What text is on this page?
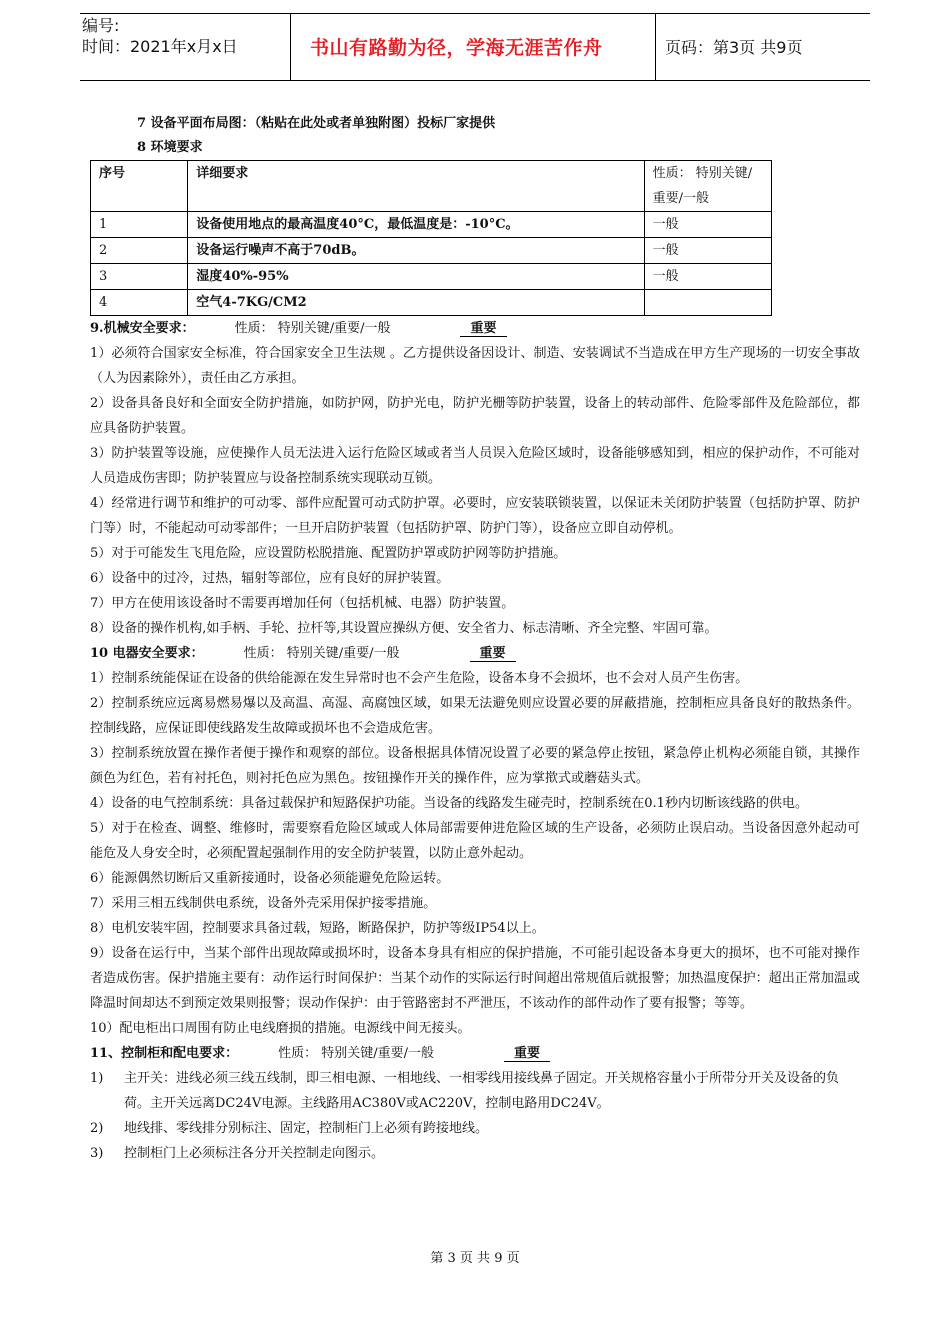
编号:
时间：2021年x月x日	书山有路勤为径，学海无涯苦作舟	页码：第3页 共9页
7 设备平面布局图：（粘贴在此处或者单独附图）投标厂家提供
8 环境要求
序号	详细要求	性质： 特别关键/重要/一般
1	设备使用地点的最高温度40°C，最低温度是：-10°C。	一般
2	设备运行噪声不高于70dB。	一般
3	湿度40%-95%	一般
4	空气4-7KG/CM2	
9.机械安全要求：	性质： 特别关键/重要/一般	重要
1）必须符合国家安全标准，符合国家安全卫生法规 。乙方提供设备因设计、制造、安装调试不当造成在甲方生产现场的一切安全事故（人为因素除外），责任由乙方承担。
2）设备具备良好和全面安全防护措施，如防护网，防护光电，防护光栅等防护装置，设备上的转动部件、危险零部件及危险部位，都应具备防护装置。
3）防护装置等设施，应使操作人员无法进入运行危险区域或者当人员误入危险区域时，设备能够感知到，相应的保护动作，不可能对人员造成伤害即；防护装置应与设备控制系统实现联动互锁。
4）经常进行调节和维护的可动零、部件应配置可动式防护罩。必要时，应安装联锁装置，以保证未关闭防护装置（包括防护罩、防护门等）时，不能起动可动零部件；一旦开启防护装置（包括防护罩、防护门等），设备应立即自动停机。
5）对于可能发生飞甩危险，应设置防松脱措施、配置防护罩或防护网等防护措施。
6）设备中的过冷，过热，辐射等部位，应有良好的屏护装置。
7）甲方在使用该设备时不需要再增加任何（包括机械、电器）防护装置。
8）设备的操作机构,如手柄、手轮、拉杆等,其设置应操纵方便、安全省力、标志清晰、齐全完整、牢固可靠。
10 电器安全要求：	性质： 特别关键/重要/一般	重要
1）控制系统能保证在设备的供给能源在发生异常时也不会产生危险，设备本身不会损坏，也不会对人员产生伤害。
2）控制系统应远离易燃易爆以及高温、高湿、高腐蚀区域，如果无法避免则应设置必要的屏蔽措施，控制柜应具备良好的散热条件。控制线路，应保证即使线路发生故障或损坏也不会造成危害。
3）控制系统放置在操作者便于操作和观察的部位。设备根据具体情况设置了必要的紧急停止按钮，紧急停止机构必须能自锁，其操作颜色为红色，若有衬托色，则衬托色应为黑色。按钮操作开关的操作件，应为掌揿式或蘑菇头式。
4）设备的电气控制系统：具备过载保护和短路保护功能。当设备的线路发生碰壳时，控制系统在0.1秒内切断该线路的供电。
5）对于在检查、调整、维修时，需要察看危险区域或人体局部需要伸进危险区域的生产设备，必须防止误启动。当设备因意外起动可能危及人身安全时，必须配置起强制作用的安全防护装置，以防止意外起动。
6）能源偶然切断后又重新接通时，设备必须能避免危险运转。
7）采用三相五线制供电系统，设备外壳采用保护接零措施。
8）电机安装牢固，控制要求具备过载，短路，断路保护，防护等级IP54以上。
9）设备在运行中，当某个部件出现故障或损坏时，设备本身具有相应的保护措施，不可能引起设备本身更大的损坏，也不可能对操作者造成伤害。保护措施主要有：动作运行时间保护：当某个动作的实际运行时间超出常规值后就报警；加热温度保护：超出正常加温或降温时间却达不到预定效果则报警；误动作保护：由于管路密封不严泄压，不该动作的部件动作了要有报警；等等。
10）配电柜出口周围有防止电线磨损的措施。电源线中间无接头。
11、控制柜和配电要求：	性质： 特别关键/重要/一般	重要
1)	主开关：进线必须三线五线制，即三相电源、一相地线、一相零线用接线鼻子固定。开关规格容量小于所带分开关及设备的负荷。主开关远离DC24V电源。主线路用AC380V或AC220V，控制电路用DC24V。
2)	地线排、零线排分别标注、固定，控制柜门上必须有跨接地线。
3)	控制柜门上必须标注各分开关控制走向图示。
第 3 页 共 9 页
